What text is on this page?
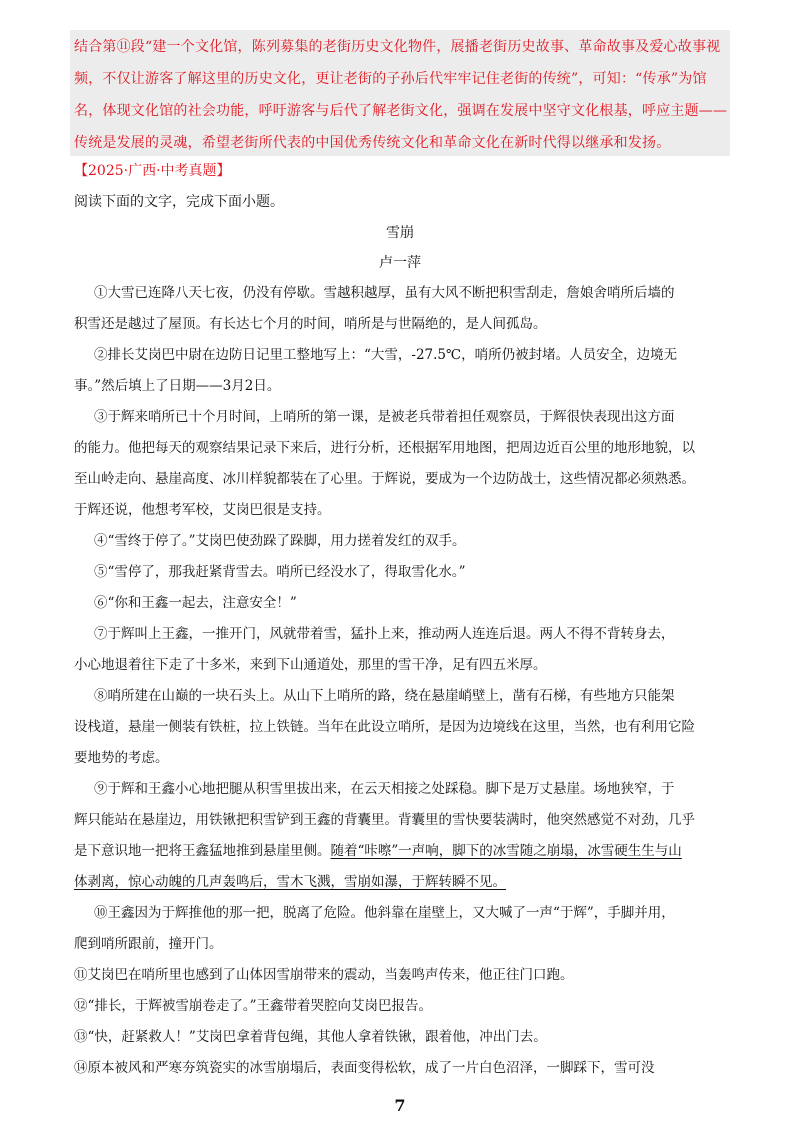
结合第⑪段“建一个文化馆，陈列募集的老街历史文化物件，展播老街历史故事、革命故事及爱心故事视
频，不仅让游客了解这里的历史文化，更让老街的子孙后代牢牢记住老街的传统”，可知：“传承”为馆
名，体现文化馆的社会功能，呼吁游客与后代了解老街文化，强调在发展中坚守文化根基，呼应主题——
传统是发展的灵魂，希望老街所代表的中国优秀传统文化和革命文化在新时代得以继承和发扬。
【2025·广西·中考真题】
阅读下面的文字，完成下面小题。
雪崩
卢一萍
①大雪已连降八天七夜，仍没有停歇。雪越积越厚，虽有大风不断把积雪刮走，詹娘舍哨所后墙的
积雪还是越过了屋顶。有长达七个月的时间，哨所是与世隔绝的，是人间孤岛。
②排长艾岗巴中尉在边防日记里工整地写上：“大雪，-27.5℃，哨所仍被封堵。人员安全，边境无
事。”然后填上了日期——3月2日。
③于辉来哨所已十个月时间，上哨所的第一课，是被老兵带着担任观察员，于辉很快表现出这方面
的能力。他把每天的观察结果记录下来后，进行分析，还根据军用地图，把周边近百公里的地形地貌，以
至山岭走向、悬崖高度、冰川样貌都装在了心里。于辉说，要成为一个边防战士，这些情况都必须熟悉。
于辉还说，他想考军校，艾岗巴很是支持。
④“雪终于停了。”艾岗巴使劲跺了跺脚，用力搓着发红的双手。
⑤“雪停了，那我赶紧背雪去。哨所已经没水了，得取雪化水。”
⑥“你和王鑫一起去，注意安全！”
⑦于辉叫上王鑫，一推开门，风就带着雪，猛扑上来，推动两人连连后退。两人不得不背转身去，
小心地退着往下走了十多米，来到下山通道处，那里的雪干净，足有四五米厚。
⑧哨所建在山巅的一块石头上。从山下上哨所的路，绕在悬崖峭壁上，凿有石梯，有些地方只能架
设栈道，悬崖一侧装有铁桩，拉上铁链。当年在此设立哨所，是因为边境线在这里，当然，也有利用它险
要地势的考虑。
⑨于辉和王鑫小心地把腿从积雪里拔出来，在云天相接之处踩稳。脚下是万丈悬崖。场地狭窄，于
辉只能站在悬崖边，用铁锹把积雪铲到王鑫的背囊里。背囊里的雪快要装满时，他突然感觉不对劲，几乎
是下意识地一把将王鑫猛地推到悬崖里侧。随着“咔嚓”一声响，脚下的冰雪随之崩塌，冰雪硬生生与山
体剥离，惊心动魄的几声轰鸣后，雪木飞溅，雪崩如瀑，于辉转瞬不见。
⑩王鑫因为于辉推他的那一把，脱离了危险。他斜靠在崖壁上，又大喊了一声“于辉”，手脚并用，
爬到哨所跟前，撞开门。
⑪艾岗巴在哨所里也感到了山体因雪崩带来的震动，当轰鸣声传来，他正往门口跑。
⑫“排长，于辉被雪崩卷走了。”王鑫带着哭腔向艾岗巴报告。
⑬“快，赶紧救人！”艾岗巴拿着背包绳，其他人拿着铁锹，跟着他，冲出门去。
⑭原本被风和严寒夯筑瓷实的冰雪崩塌后，表面变得松软，成了一片白色沼泽，一脚踩下，雪可没
7
